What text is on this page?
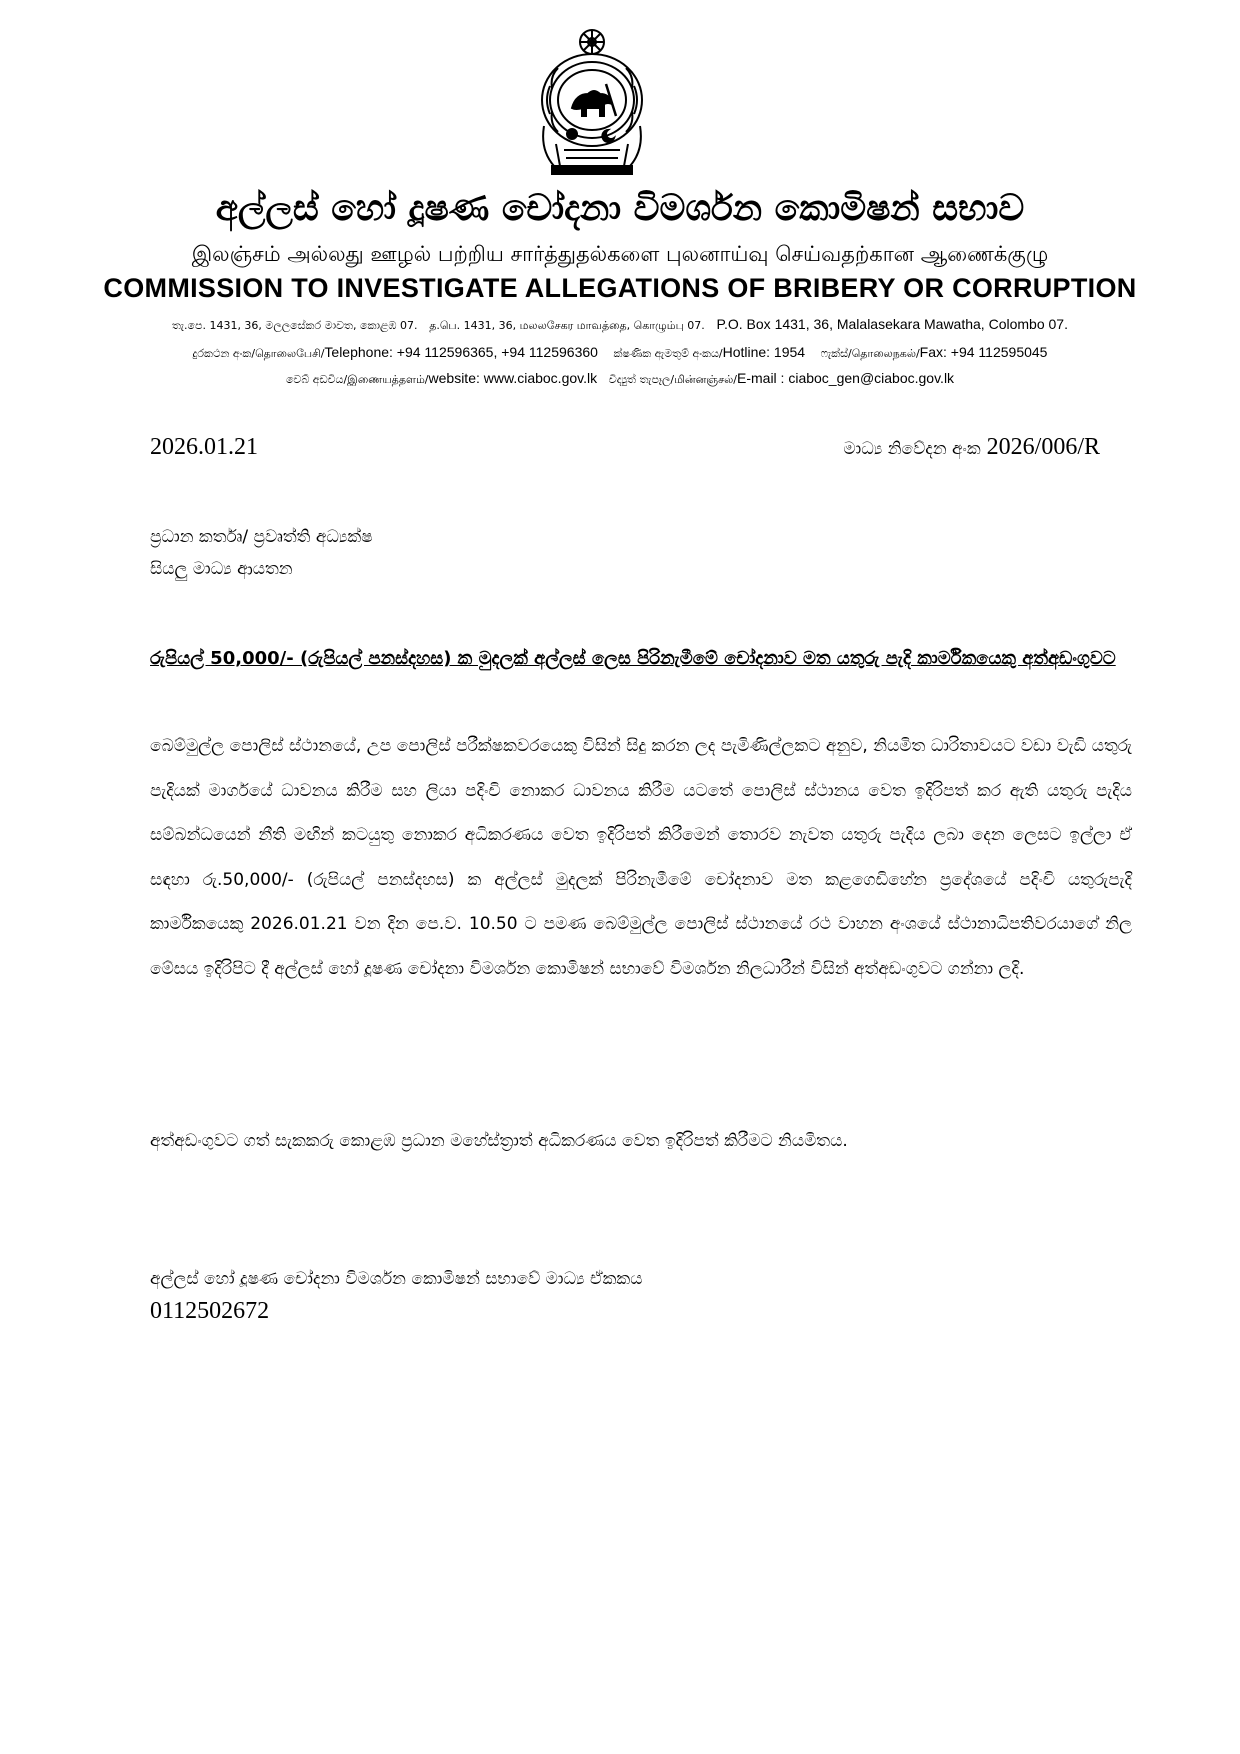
අල්ලස් හෝ දූෂණ චෝදනා විමර්ශන කොමිෂන් සභාව
இலஞ்சம் அல்லது ஊழல் பற்றிய சார்த்துதல்களை புலனாய்வு செய்வதற்கான ஆணைக்குழு
COMMISSION TO INVESTIGATE ALLEGATIONS OF BRIBERY OR CORRUPTION
තැ.පෙ. 1431, 36, මලලසේකර මාවත, කොළඹ 07. த.பெ. 1431, 36, மலலசேகர மாவத்தை, கொழும்பு 07. P.O. Box 1431, 36, Malalasekara Mawatha, Colombo 07.
දුරකථන අංක/தொலைபேசி/Telephone: +94 112596365, +94 112596360 ක්ෂණික ඇමතුම් අංකය/Hotline: 1954 ෆැක්ස්/தொலைநகல்/Fax: +94 112595045
වෙබ් අඩවිය/இணையத்தளம்/website: www.ciaboc.gov.lk විද්‍යුත් තැපෑල/மின்னஞ்சல்/E-mail : ciaboc_gen@ciaboc.gov.lk
2026.01.21	මාධ්‍ය නිවේදන අංක 2026/006/R
ප්‍රධාන කර්තෘ/ ප්‍රවෘත්ති අධ්‍යක්ෂ
සියලු මාධ්‍ය ආයතන
රුපියල් 50,000/- (රුපියල් පනස්දහස) ක මුදලක් අල්ලස් ලෙස පිරිනැමීමේ චෝදනාව මත යතුරු පැදි කාර්මිකයෙකු අත්අඩංගුවට
බෙම්මුල්ල පොලිස් ස්ථානයේ, උප පොලිස් පරීක්ෂකවරයෙකු විසින් සිදු කරන ලද පැමිණිල්ලකට අනුව, නියමිත ධාරිතාවයට වඩා වැඩි යතුරු පැදියක් මාර්ගයේ ධාවනය කිරීම සහ ලියා පදිංචි නොකර ධාවනය කිරීම යටතේ පොලිස් ස්ථානය වෙත ඉදිරිපත් කර ඇති යතුරු පැදිය සම්බන්ධයෙන් නීති මඟින් කටයුතු නොකර අධිකරණය වෙත ඉදිරිපත් කිරීමෙන් තොරව නැවත යතුරු පැදිය ලබා දෙන ලෙසට ඉල්ලා ඒ සඳහා රු.50,000/- (රුපියල් පනස්දහස) ක අල්ලස් මුදලක් පිරිනැමීමේ චෝදනාව මත කළගෙඩිහේන ප්‍රදේශයේ පදිංචි යතුරුපැදි කාර්මිකයෙකු 2026.01.21 වන දින පෙ.ව. 10.50 ට පමණ බෙම්මුල්ල පොලිස් ස්ථානයේ රථ වාහන අංශයේ ස්ථානාධිපතිවරයාගේ නිල මේසය ඉදිරිපිට දී අල්ලස් හෝ දූෂණ චෝදනා විමර්ශන කොමිෂන් සභාවේ විමර්ශන නිලධාරීන් විසින් අත්අඩංගුවට ගන්නා ලදි.
අත්අඩංගුවට ගත් සැකකරු කොළඹ ප්‍රධාන මහේස්ත්‍රාත් අධිකරණය වෙත ඉදිරිපත් කිරීමට නියමිතය.
අල්ලස් හෝ දූෂණ චෝදනා විමර්ශන කොමිෂන් සභාවේ මාධ්‍ය ඒකකය
0112502672
